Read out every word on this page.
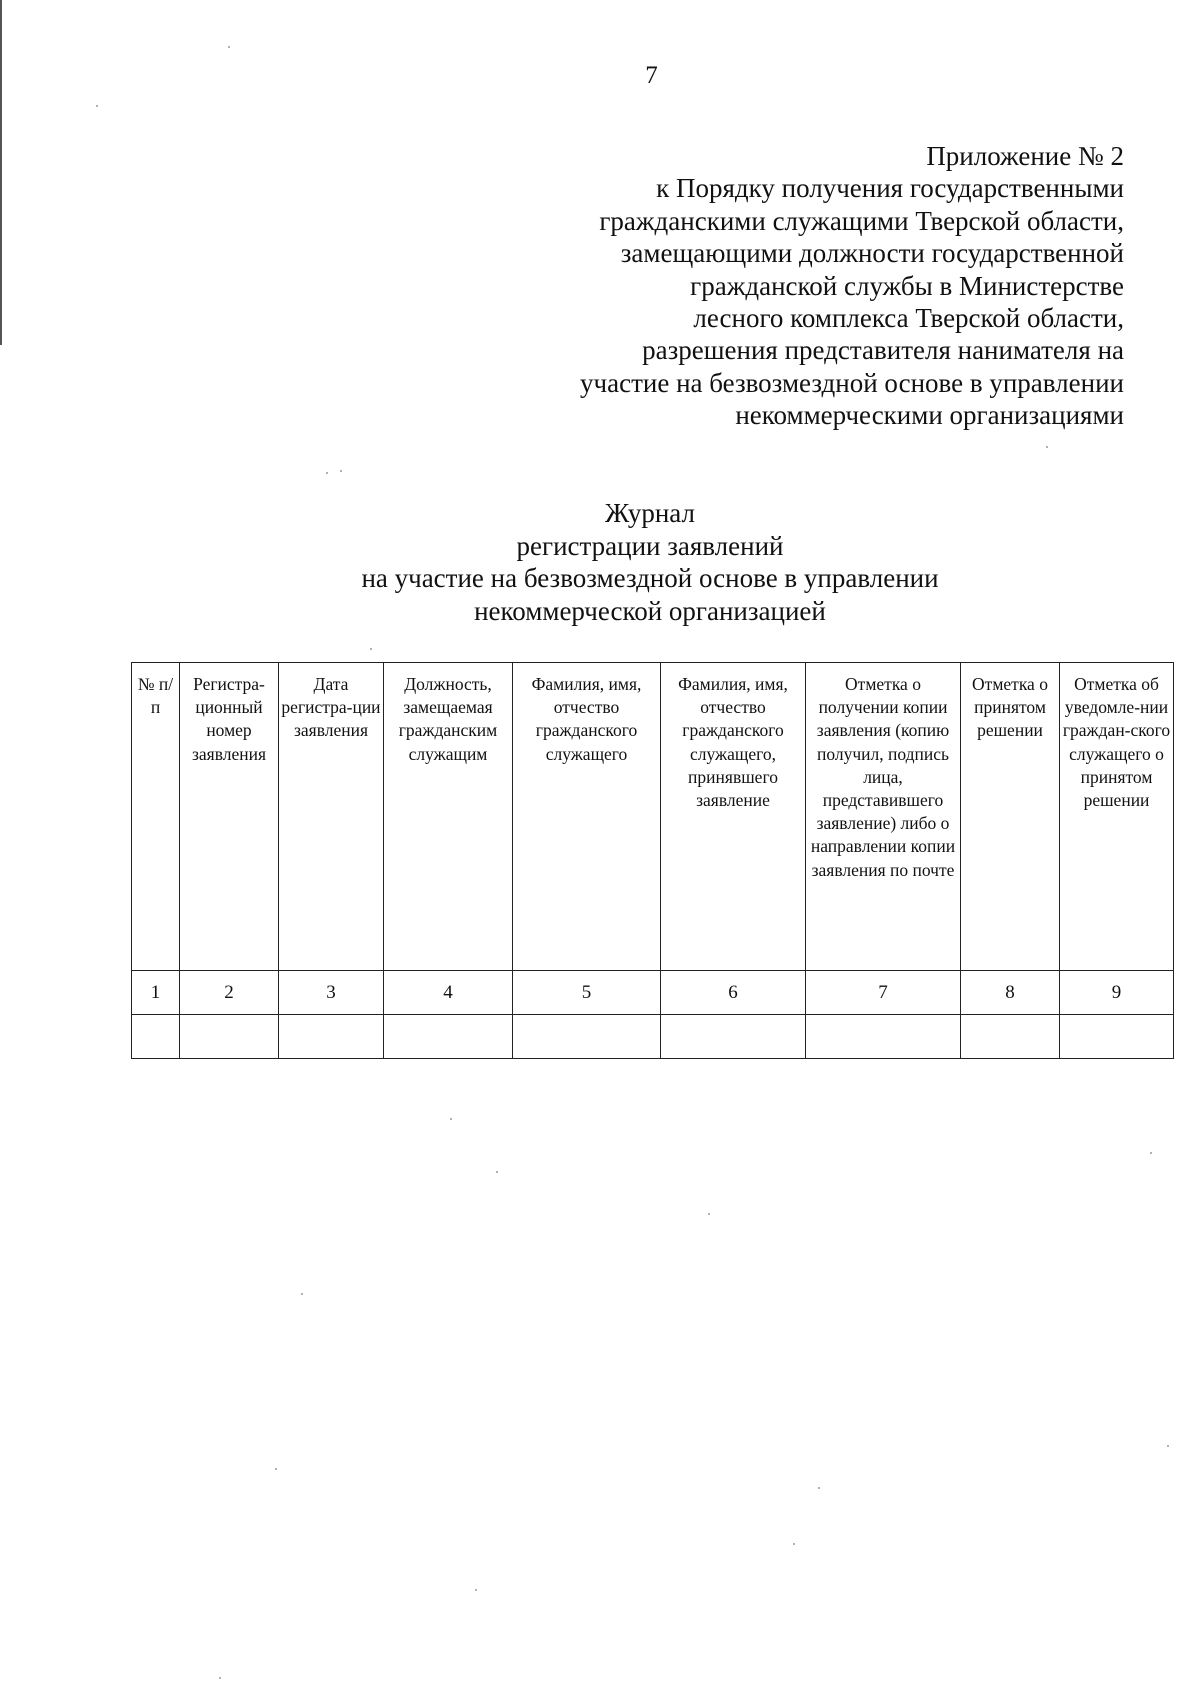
7
Приложение № 2
к Порядку получения государственными
гражданскими служащими Тверской области,
замещающими должности государственной
гражданской службы в Министерстве
лесного комплекса Тверской области,
разрешения представителя нанимателя на
участие на безвозмездной основе в управлении
некоммерческими организациями
Журнал
регистрации заявлений
на участие на безвозмездной основе в управлении
некоммерческой организацией
№ п/п	Регистра-ционный номер заявления	Дата регистра-ции заявления	Должность, замещаемая гражданским служащим	Фамилия, имя, отчество гражданского служащего	Фамилия, имя, отчество гражданского служащего, принявшего заявление	Отметка о получении копии заявления (копию получил, подпись лица, представившего заявление) либо о направлении копии заявления по почте	Отметка о принятом решении	Отметка об уведомле-нии граждан-ского служащего о принятом решении
1	2	3	4	5	6	7	8	9
